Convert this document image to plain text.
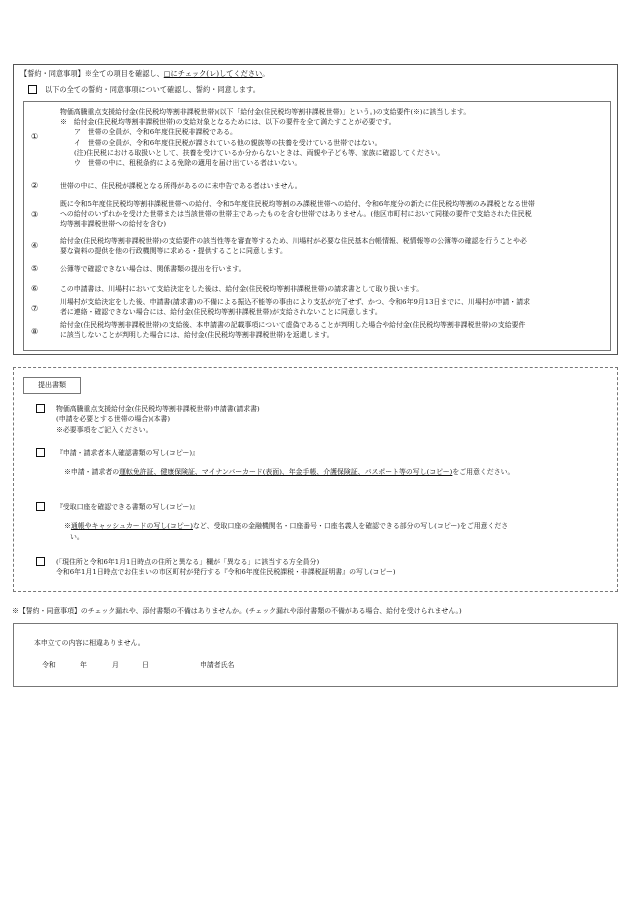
【誓約・同意事項】※全ての項目を確認し、□にチェック(レ)してください。
以下の全ての誓約・同意事項について確認し、誓約・同意します。
①
物価高騰重点支援給付金(住民税均等割非課税世帯)(以下「給付金(住民税均等割非課税世帯)」という。)の支給要件(※)に該当します。
※　給付金(住民税均等割非課税世帯)の支給対象となるためには、以下の要件を全て満たすことが必要です。
ア　世帯の全員が、令和6年度住民税非課税である。
イ　世帯の全員が、令和6年度住民税が課されている他の親族等の扶養を受けている世帯ではない。
(注)住民税における取扱いとして、扶養を受けているか分からないときは、両親や子ども等、家族に確認してください。
ウ　世帯の中に、租税条約による免除の適用を届け出ている者はいない。
②	世帯の中に、住民税が課税となる所得があるのに未申告である者はいません。
③
既に令和5年度住民税均等割非課税世帯への給付、令和5年度住民税均等割のみ課税世帯への給付、令和6年度分の新たに住民税均等割のみ課税となる世帯
への給付のいずれかを受けた世帯または当該世帯の世帯主であったものを含む世帯ではありません。(他区市町村において同様の要件で支給された住民税
均等割非課税世帯への給付を含む)
④	給付金(住民税均等割非課税世帯)の支給要件の該当性等を審査等するため、川場村が必要な住民基本台帳情報、税情報等の公簿等の確認を行うことや必
要な資料の提供を他の行政機関等に求める・提供することに同意します。
⑤	公簿等で確認できない場合は、関係書類の提出を行います。
⑥	この申請書は、川場村において支給決定をした後は、給付金(住民税均等割非課税世帯)の請求書として取り扱います。
⑦
川場村が支給決定をした後、申請書(請求書)の不備による振込不能等の事由により支払が完了せず、かつ、令和6年9月13日までに、川場村が申請・請求
者に連絡・確認できない場合には、給付金(住民税均等割非課税世帯)が支給されないことに同意します。
⑧
給付金(住民税均等割非課税世帯)の支給後、本申請書の記載事項について虚偽であることが判明した場合や給付金(住民税均等割非課税世帯)の支給要件
に該当しないことが判明した場合には、給付金(住民税均等割非課税世帯)を返還します。
提出書類
物価高騰重点支援給付金(住民税均等割非課税世帯)申請書(請求書)
(申請を必要とする世帯の場合)(本書)
※必要事項をご記入ください。
『申請・請求者本人確認書類の写し(コピー)』
※申請・請求者の運転免許証、健康保険証、マイナンバーカード(表面)、年金手帳、介護保険証、パスポート等の写し(コピー)をご用意ください。
『受取口座を確認できる書類の写し(コピー)』
※通帳やキャッシュカードの写し(コピー)など、受取口座の金融機関名・口座番号・口座名義人を確認できる部分の写し(コピー)をご用意くださ
い。
(「現住所と令和6年1月1日時点の住所と異なる」欄が「異なる」に該当する方全員分)
令和6年1月1日時点でお住まいの市区町村が発行する『令和6年度住民税課税・非課税証明書』の写し(コピー)
※【誓約・同意事項】のチェック漏れや、添付書類の不備はありませんか。(チェック漏れや添付書類の不備がある場合、給付を受けられません。)
本申立ての内容に相違ありません。
令和	年	月	日	申請者氏名
